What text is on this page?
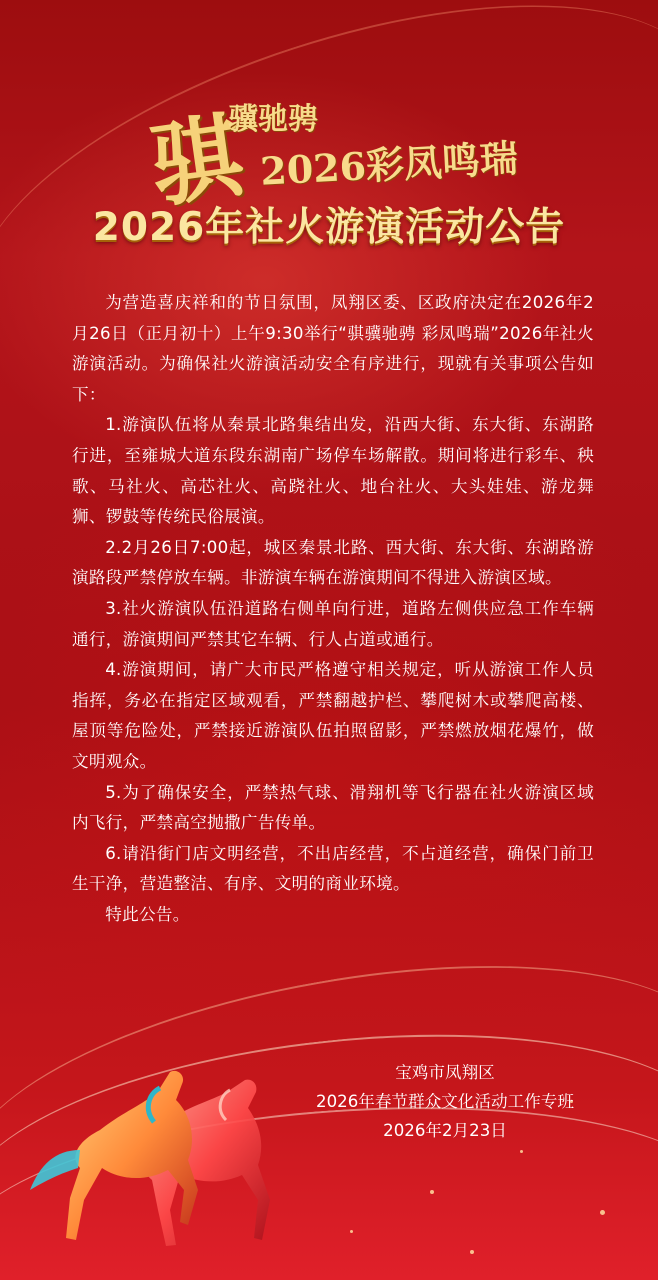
骐
骥驰骋
2026彩凤鸣瑞
2026年社火游演活动公告

为营造喜庆祥和的节日氛围，凤翔区委、区政府决定在2026年2月26日（正月初十）上午9:30举行“骐骥驰骋 彩凤鸣瑞”2026年社火游演活动。为确保社火游演活动安全有序进行，现就有关事项公告如下：

1.游演队伍将从秦景北路集结出发，沿西大街、东大街、东湖路行进，至雍城大道东段东湖南广场停车场解散。期间将进行彩车、秧歌、马社火、高芯社火、高跷社火、地台社火、大头娃娃、游龙舞狮、锣鼓等传统民俗展演。

2.2月26日7:00起，城区秦景北路、西大街、东大街、东湖路游演路段严禁停放车辆。非游演车辆在游演期间不得进入游演区域。

3.社火游演队伍沿道路右侧单向行进，道路左侧供应急工作车辆通行，游演期间严禁其它车辆、行人占道或通行。

4.游演期间，请广大市民严格遵守相关规定，听从游演工作人员指挥，务必在指定区域观看，严禁翻越护栏、攀爬树木或攀爬高楼、屋顶等危险处，严禁接近游演队伍拍照留影，严禁燃放烟花爆竹，做文明观众。

5.为了确保安全，严禁热气球、滑翔机等飞行器在社火游演区域内飞行，严禁高空抛撒广告传单。

6.请沿街门店文明经营，不出店经营，不占道经营，确保门前卫生干净，营造整洁、有序、文明的商业环境。

特此公告。

宝鸡市凤翔区
2026年春节群众文化活动工作专班
2026年2月23日
